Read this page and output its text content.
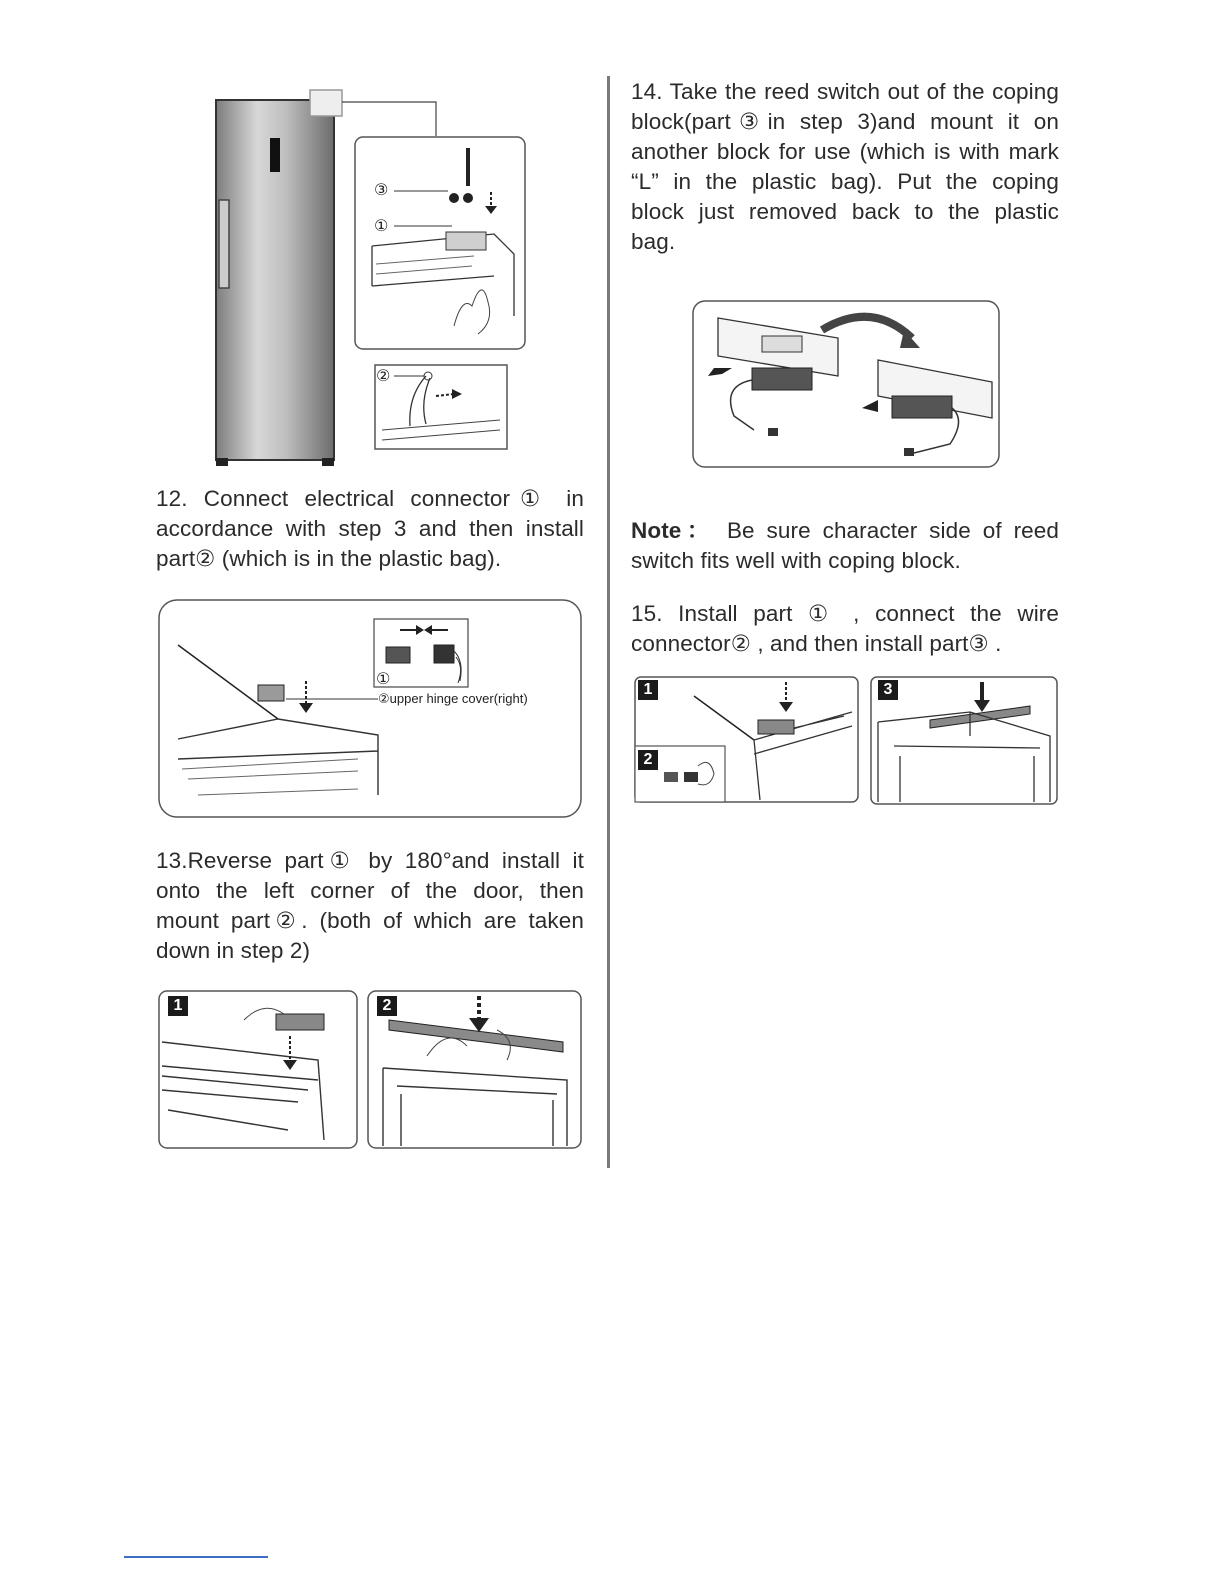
③
①
②
12. Connect electrical connector① in accordance with step 3 and then install part② (which is in the plastic bag).
①
②upper hinge cover(right)
13.Reverse part① by 180°and install it onto the left corner of the door, then mount part②. (both of which are taken down in step 2)
1	2
14. Take the reed switch out of the coping block(part③in step 3)and mount it on another block for use (which is with mark “L” in the plastic bag). Put the coping block just removed back to the plastic bag.
Note： Be sure character side of reed switch fits well with coping block.
15. Install part ① , connect the wire connector② , and then install part③ .
1
2
3
